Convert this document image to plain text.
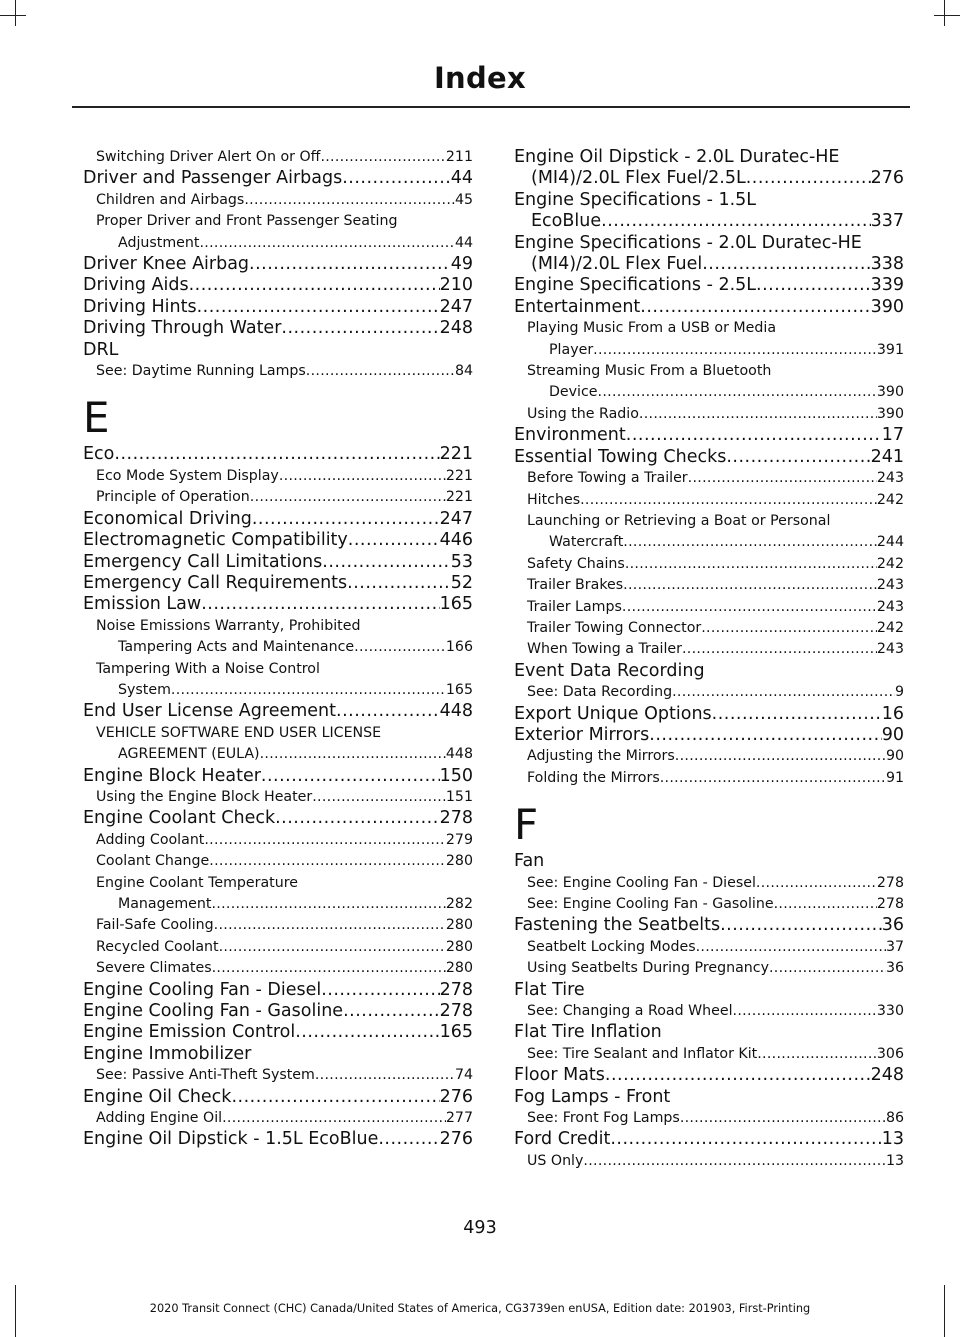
Index
Switching Driver Alert On or Off .....	211
Driver and Passenger Airbags .....	44
Children and Airbags .....	45
Proper Driver and Front Passenger Seating
Adjustment .....	44
Driver Knee Airbag .....	49
Driving Aids .....	210
Driving Hints .....	247
Driving Through Water .....	248
DRL
See: Daytime Running Lamps .....	84
E
Eco .....	221
Eco Mode System Display .....	221
Principle of Operation .....	221
Economical Driving .....	247
Electromagnetic Compatibility .....	446
Emergency Call Limitations .....	53
Emergency Call Requirements .....	52
Emission Law .....	165
Noise Emissions Warranty, Prohibited
Tampering Acts and Maintenance .....	166
Tampering With a Noise Control
System .....	165
End User License Agreement .....	448
VEHICLE SOFTWARE END USER LICENSE
AGREEMENT (EULA) .....	448
Engine Block Heater .....	150
Using the Engine Block Heater .....	151
Engine Coolant Check .....	278
Adding Coolant .....	279
Coolant Change .....	280
Engine Coolant Temperature
Management .....	282
Fail-Safe Cooling .....	280
Recycled Coolant .....	280
Severe Climates .....	280
Engine Cooling Fan - Diesel .....	278
Engine Cooling Fan - Gasoline .....	278
Engine Emission Control .....	165
Engine Immobilizer
See: Passive Anti-Theft System .....	74
Engine Oil Check .....	276
Adding Engine Oil .....	277
Engine Oil Dipstick - 1.5L EcoBlue .....	276
Engine Oil Dipstick - 2.0L Duratec-HE
(MI4)/2.0L Flex Fuel/2.5L .....	276
Engine Specifications - 1.5L
EcoBlue .....	337
Engine Specifications - 2.0L Duratec-HE
(MI4)/2.0L Flex Fuel .....	338
Engine Specifications - 2.5L .....	339
Entertainment .....	390
Playing Music From a USB or Media
Player .....	391
Streaming Music From a Bluetooth
Device .....	390
Using the Radio .....	390
Environment .....	17
Essential Towing Checks .....	241
Before Towing a Trailer .....	243
Hitches .....	242
Launching or Retrieving a Boat or Personal
Watercraft .....	244
Safety Chains .....	242
Trailer Brakes .....	243
Trailer Lamps .....	243
Trailer Towing Connector .....	242
When Towing a Trailer .....	243
Event Data Recording
See: Data Recording .....	9
Export Unique Options .....	16
Exterior Mirrors .....	90
Adjusting the Mirrors .....	90
Folding the Mirrors .....	91
F
Fan
See: Engine Cooling Fan - Diesel .....	278
See: Engine Cooling Fan - Gasoline .....	278
Fastening the Seatbelts .....	36
Seatbelt Locking Modes .....	37
Using Seatbelts During Pregnancy .....	36
Flat Tire
See: Changing a Road Wheel .....	330
Flat Tire Inflation
See: Tire Sealant and Inflator Kit .....	306
Floor Mats .....	248
Fog Lamps - Front
See: Front Fog Lamps .....	86
Ford Credit .....	13
US Only .....	13
493
2020 Transit Connect (CHC) Canada/United States of America, CG3739en enUSA, Edition date: 201903, First-Printing
